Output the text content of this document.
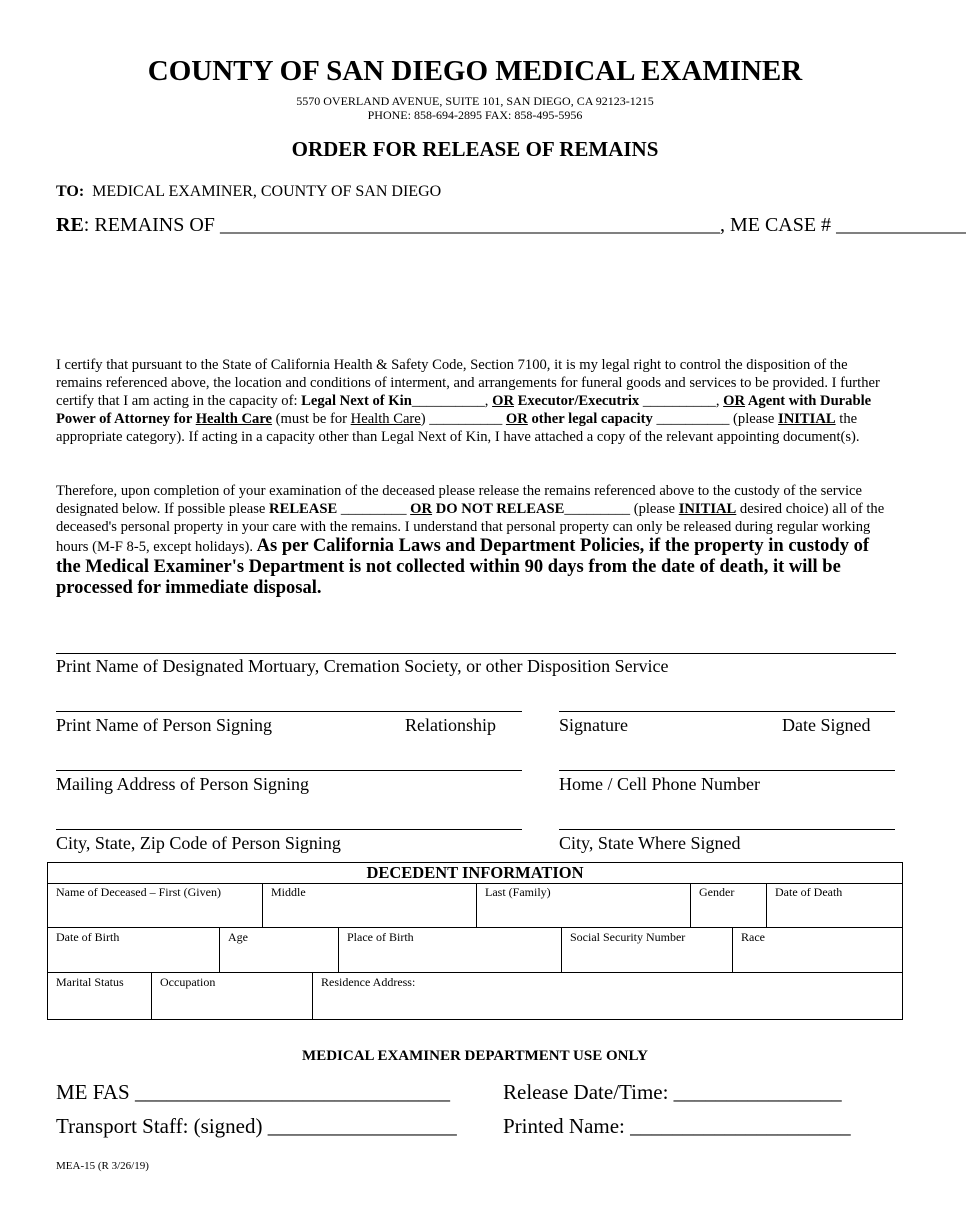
COUNTY OF SAN DIEGO MEDICAL EXAMINER
5570 OVERLAND AVENUE, SUITE 101, SAN DIEGO, CA 92123-1215
PHONE: 858-694-2895 FAX: 858-495-5956
ORDER FOR RELEASE OF REMAINS
TO: MEDICAL EXAMINER, COUNTY OF SAN DIEGO
RE: REMAINS OF __________________________________________________, ME CASE # _____________
I certify that pursuant to the State of California Health & Safety Code, Section 7100, it is my legal right to control the disposition of the remains referenced above, the location and conditions of interment, and arrangements for funeral goods and services to be provided. I further certify that I am acting in the capacity of: Legal Next of Kin__________, OR Executor/Executrix __________, OR Agent with Durable Power of Attorney for Health Care (must be for Health Care) __________ OR other legal capacity __________ (please INITIAL the appropriate category). If acting in a capacity other than Legal Next of Kin, I have attached a copy of the relevant appointing document(s).
Therefore, upon completion of your examination of the deceased please release the remains referenced above to the custody of the service designated below. If possible please RELEASE _________ OR DO NOT RELEASE_________ (please INITIAL desired choice) all of the deceased's personal property in your care with the remains. I understand that personal property can only be released during regular working hours (M-F 8-5, except holidays). As per California Laws and Department Policies, if the property in custody of the Medical Examiner's Department is not collected within 90 days from the date of death, it will be processed for immediate disposal.
Print Name of Designated Mortuary, Cremation Society, or other Disposition Service
Print Name of Person Signing	Relationship	Signature	Date Signed
Mailing Address of Person Signing	Home / Cell Phone Number
City, State, Zip Code of Person Signing	City, State Where Signed
DECEDENT INFORMATION
Name of Deceased – First (Given)	Middle	Last (Family)	Gender	Date of Death
Date of Birth	Age	Place of Birth	Social Security Number	Race
Marital Status	Occupation	Residence Address:
MEDICAL EXAMINER DEPARTMENT USE ONLY
ME FAS ______________________________	Release Date/Time: ________________
Transport Staff: (signed) __________________ Printed Name: _____________________
MEA-15 (R 3/26/19)
